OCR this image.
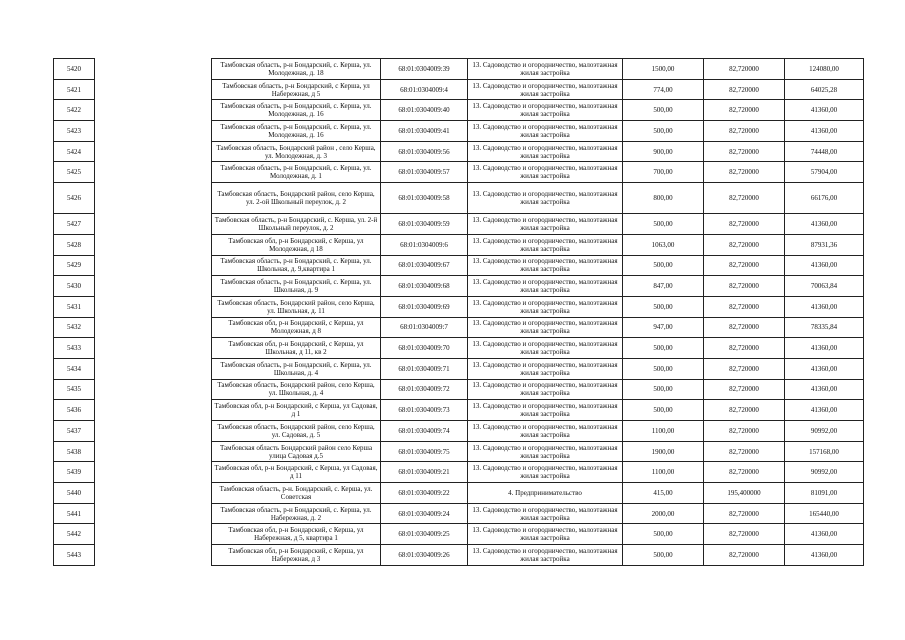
5420		Тамбовская область, р-н Бондарский, с. Керша, ул. Молодежная, д. 18	68:01:0304009:39	13. Садоводство и огородничество, малоэтажная жилая застройка	1500,00	82,720000	124080,00
5421		Тамбовская область, р-н Бондарский, с Керша, ул Набережная, д 5	68:01:0304009:4	13. Садоводство и огородничество, малоэтажная жилая застройка	774,00	82,720000	64025,28
5422		Тамбовская область, р-н Бондарский, с. Керша, ул. Молодежная, д. 16	68:01:0304009:40	13. Садоводство и огородничество, малоэтажная жилая застройка	500,00	82,720000	41360,00
5423		Тамбовская область, р-н Бондарский, с. Керша, ул. Молодежная, д. 16	68:01:0304009:41	13. Садоводство и огородничество, малоэтажная жилая застройка	500,00	82,720000	41360,00
5424		Тамбовская область, Бондарский район , село Керша, ул. Молодежная, д. 3	68:01:0304009:56	13. Садоводство и огородничество, малоэтажная жилая застройка	900,00	82,720000	74448,00
5425		Тамбовская область, р-н Бондарский, с. Керша, ул. Молодежная, д. 1	68:01:0304009:57	13. Садоводство и огородничество, малоэтажная жилая застройка	700,00	82,720000	57904,00
5426		Тамбовская область, Бондарский район, село Керша, ул. 2-ой Школьный переулок, д. 2	68:01:0304009:58	13. Садоводство и огородничество, малоэтажная жилая застройка	800,00	82,720000	66176,00
5427		Тамбовская область, р-н Бондарский, с. Керша, ул. 2-й Школьный переулок, д. 2	68:01:0304009:59	13. Садоводство и огородничество, малоэтажная жилая застройка	500,00	82,720000	41360,00
5428		Тамбовская обл, р-н Бондарский, с Керша, ул Молодежная, д 18	68:01:0304009:6	13. Садоводство и огородничество, малоэтажная жилая застройка	1063,00	82,720000	87931,36
5429		Тамбовская область, р-н Бондарский, с. Керша, ул. Школьная, д. 9,квартира 1	68:01:0304009:67	13. Садоводство и огородничество, малоэтажная жилая застройка	500,00	82,720000	41360,00
5430		Тамбовская область, р-н Бондарский, с. Керша, ул. Школьная, д. 9	68:01:0304009:68	13. Садоводство и огородничество, малоэтажная жилая застройка	847,00	82,720000	70063,84
5431		Тамбовская область, Бондарский район, село Керша, ул. Школьная, д. 11	68:01:0304009:69	13. Садоводство и огородничество, малоэтажная жилая застройка	500,00	82,720000	41360,00
5432		Тамбовская обл, р-н Бондарский, с Керша, ул Молодежная, д 8	68:01:0304009:7	13. Садоводство и огородничество, малоэтажная жилая застройка	947,00	82,720000	78335,84
5433		Тамбовская обл, р-н Бондарский, с Керша, ул Школьная, д 11, кв 2	68:01:0304009:70	13. Садоводство и огородничество, малоэтажная жилая застройка	500,00	82,720000	41360,00
5434		Тамбовская область, р-н Бондарский, с. Керша, ул. Школьная, д. 4	68:01:0304009:71	13. Садоводство и огородничество, малоэтажная жилая застройка	500,00	82,720000	41360,00
5435		Тамбовская область, Бондарский район, село Керша, ул. Школьная, д. 4	68:01:0304009:72	13. Садоводство и огородничество, малоэтажная жилая застройка	500,00	82,720000	41360,00
5436		Тамбовская обл, р-н Бондарский, с Керша, ул Садовая, д 1	68:01:0304009:73	13. Садоводство и огородничество, малоэтажная жилая застройка	500,00	82,720000	41360,00
5437		Тамбовская область, Бондарский район, село Керша, ул. Садовая, д. 5	68:01:0304009:74	13. Садоводство и огородничество, малоэтажная жилая застройка	1100,00	82,720000	90992,00
5438		Тамбовская область Бондарский район село Керша улица Садовая д.5	68:01:0304009:75	13. Садоводство и огородничество, малоэтажная жилая застройка	1900,00	82,720000	157168,00
5439		Тамбовская обл, р-н Бондарский, с Керша, ул Садовая, д 11	68:01:0304009:21	13. Садоводство и огородничество, малоэтажная жилая застройка	1100,00	82,720000	90992,00
5440		Тамбовская область, р-н. Бондарский, с. Керша, ул. Советская	68:01:0304009:22	4. Предпринимательство	415,00	195,400000	81091,00
5441		Тамбовская область, р-н Бондарский, с. Керша, ул. Набережная, д. 2	68:01:0304009:24	13. Садоводство и огородничество, малоэтажная жилая застройка	2000,00	82,720000	165440,00
5442		Тамбовская обл, р-н Бондарский, с Керша, ул Набережная, д 5, квартира 1	68:01:0304009:25	13. Садоводство и огородничество, малоэтажная жилая застройка	500,00	82,720000	41360,00
5443		Тамбовская обл, р-н Бондарский, с Керша, ул Набережная, д 3	68:01:0304009:26	13. Садоводство и огородничество, малоэтажная жилая застройка	500,00	82,720000	41360,00
